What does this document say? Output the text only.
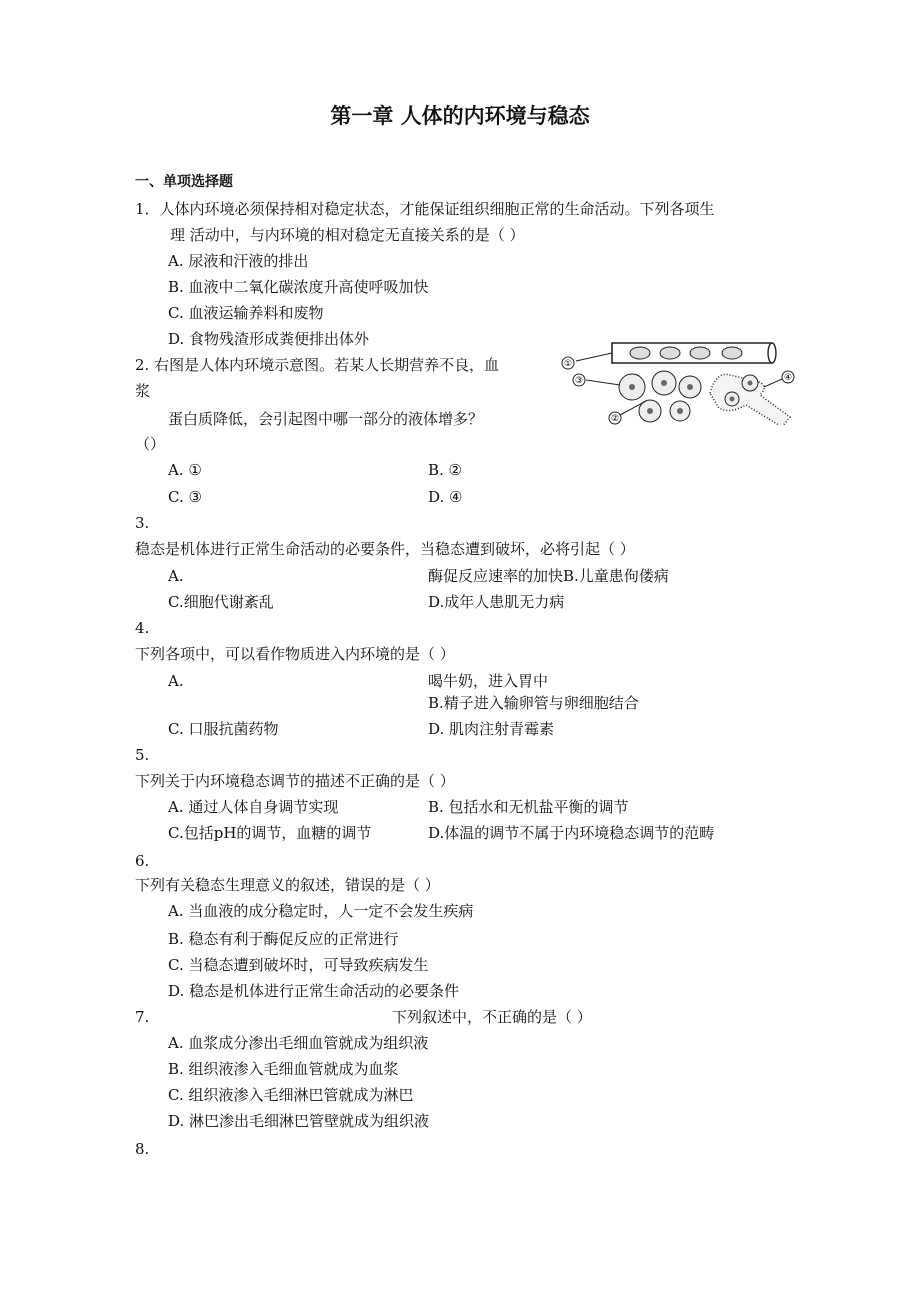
第一章 人体的内环境与稳态
一、单项选择题
1．人体内环境必须保持相对稳定状态，才能保证组织细胞正常的生命活动。下列各项生
理 活动中，与内环境的相对稳定无直接关系的是（ ）
A. 尿液和汗液的排出
B. 血液中二氧化碳浓度升高使呼吸加快
C. 血液运输养料和废物
D. 食物残渣形成粪便排出体外
2. 右图是人体内环境示意图。若某人长期营养不良，血
浆
蛋白质降低，会引起图中哪一部分的液体增多？
（）
A. ①	B. ②
C. ③	D. ④
①
③
②
④
3.
稳态是机体进行正常生命活动的必要条件，当稳态遭到破坏，必将引起（ ）
A.	酶促反应速率的加快B.儿童患佝偻病
C.细胞代谢紊乱	D.成年人患肌无力病
4.
下列各项中，可以看作物质进入内环境的是（ ）
A.	喝牛奶，进入胃中
B.精子进入输卵管与卵细胞结合
C. 口服抗菌药物	D. 肌肉注射青霉素
5.
下列关于内环境稳态调节的描述不正确的是（ ）
A. 通过人体自身调节实现	B. 包括水和无机盐平衡的调节
C.包括pH的调节，血糖的调节	D.体温的调节不属于内环境稳态调节的范畴
6.
下列有关稳态生理意义的叙述，错误的是（ ）
A. 当血液的成分稳定时，人一定不会发生疾病
B. 稳态有利于酶促反应的正常进行
C. 当稳态遭到破坏时，可导致疾病发生
D. 稳态是机体进行正常生命活动的必要条件
7.	下列叙述中，不正确的是（ ）
A. 血浆成分渗出毛细血管就成为组织液
B. 组织液渗入毛细血管就成为血浆
C. 组织液渗入毛细淋巴管就成为淋巴
D. 淋巴渗出毛细淋巴管壁就成为组织液
8.
